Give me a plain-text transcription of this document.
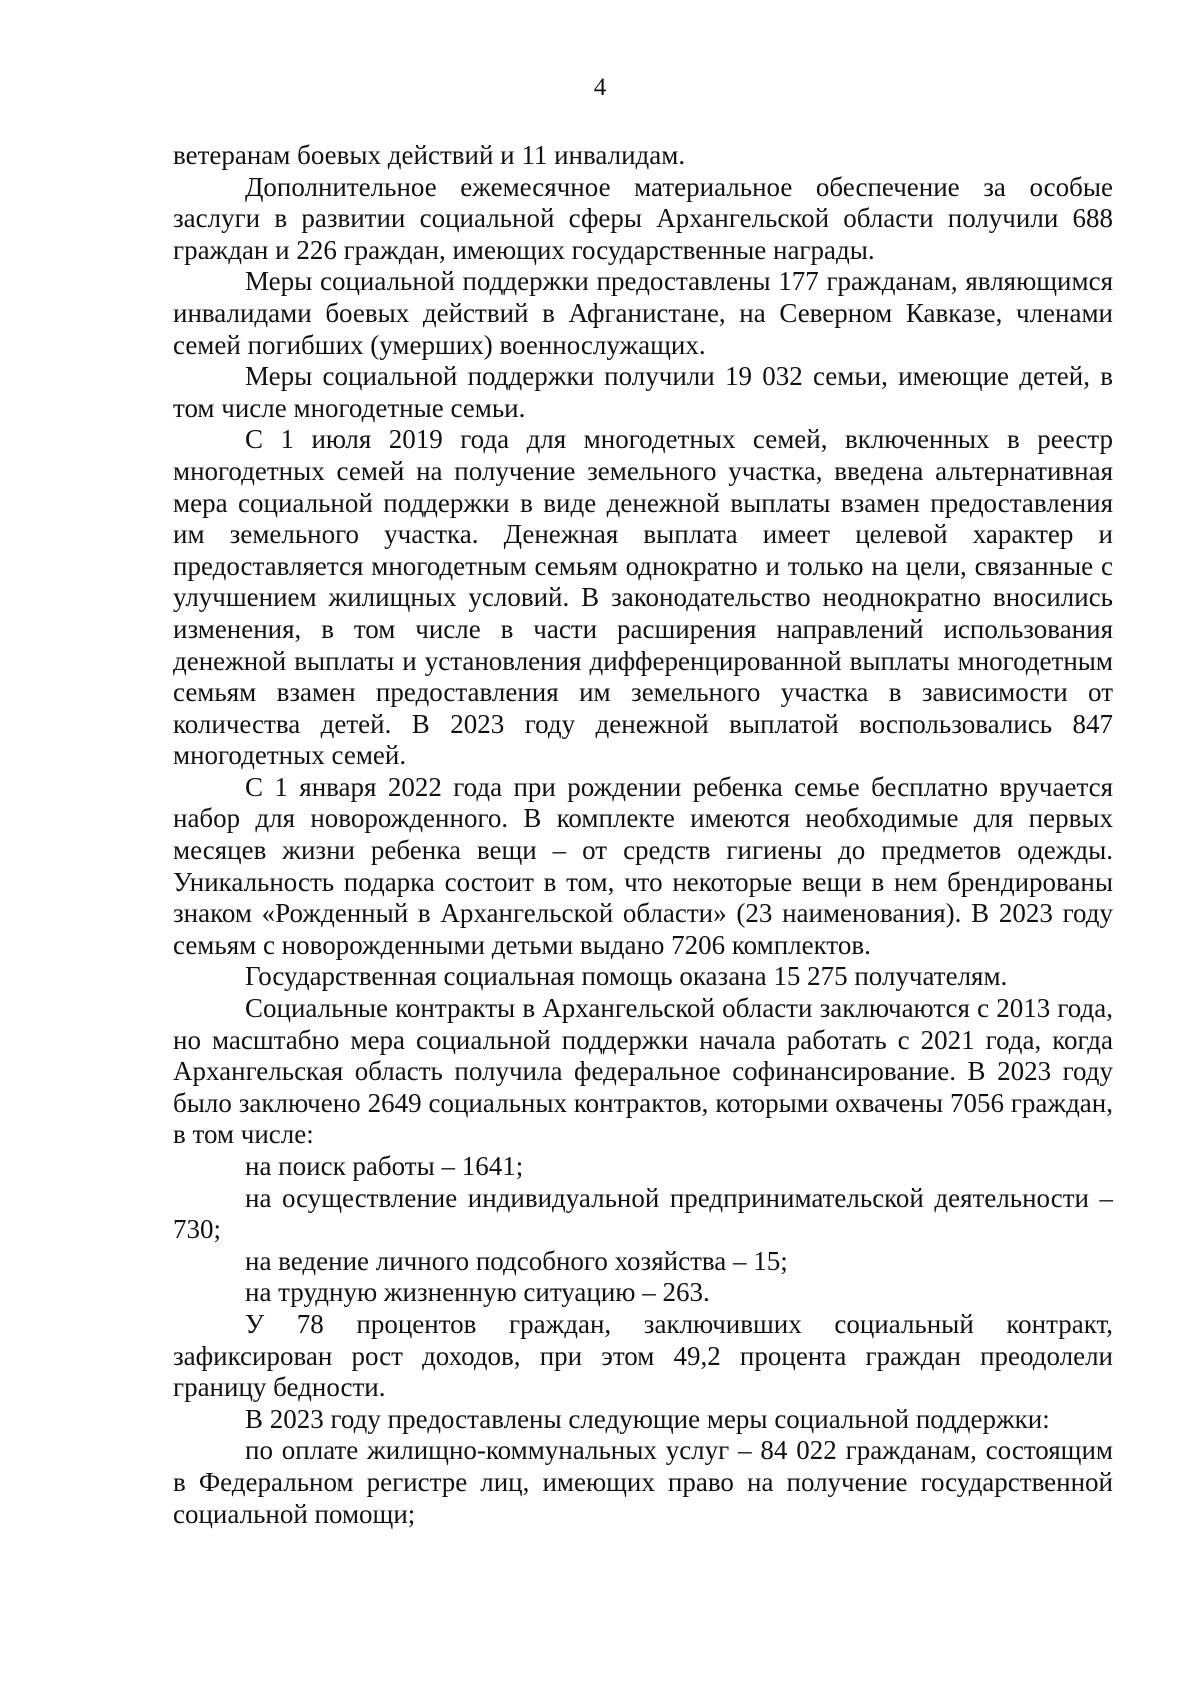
4

ветеранам боевых действий и 11 инвалидам.

Дополнительное ежемесячное материальное обеспечение за особые заслуги в развитии социальной сферы Архангельской области получили 688 граждан и 226 граждан, имеющих государственные награды.

Меры социальной поддержки предоставлены 177 гражданам, являющимся инвалидами боевых действий в Афганистане, на Северном Кавказе, членами семей погибших (умерших) военнослужащих.

Меры социальной поддержки получили 19 032 семьи, имеющие детей, в том числе многодетные семьи.

С 1 июля 2019 года для многодетных семей, включенных в реестр многодетных семей на получение земельного участка, введена альтернативная мера социальной поддержки в виде денежной выплаты взамен предоставления им земельного участка. Денежная выплата имеет целевой характер и предоставляется многодетным семьям однократно и только на цели, связанные с улучшением жилищных условий. В законодательство неоднократно вносились изменения, в том числе в части расширения направлений использования денежной выплаты и установления дифференцированной выплаты многодетным семьям взамен предоставления им земельного участка в зависимости от количества детей. В 2023 году денежной выплатой воспользовались 847 многодетных семей.

С 1 января 2022 года при рождении ребенка семье бесплатно вручается набор для новорожденного. В комплекте имеются необходимые для первых месяцев жизни ребенка вещи – от средств гигиены до предметов одежды. Уникальность подарка состоит в том, что некоторые вещи в нем брендированы знаком «Рожденный в Архангельской области» (23 наименования). В 2023 году семьям с новорожденными детьми выдано 7206 комплектов.

Государственная социальная помощь оказана 15 275 получателям.

Социальные контракты в Архангельской области заключаются с 2013 года, но масштабно мера социальной поддержки начала работать с 2021 года, когда Архангельская область получила федеральное софинансирование. В 2023 году было заключено 2649 социальных контрактов, которыми охвачены 7056 граждан, в том числе:

на поиск работы – 1641;

на осуществление индивидуальной предпринимательской деятельности – 730;

на ведение личного подсобного хозяйства – 15;

на трудную жизненную ситуацию – 263.

У 78 процентов граждан, заключивших социальный контракт, зафиксирован рост доходов, при этом 49,2 процента граждан преодолели границу бедности.

В 2023 году предоставлены следующие меры социальной поддержки:

по оплате жилищно-коммунальных услуг – 84 022 гражданам, состоящим в Федеральном регистре лиц, имеющих право на получение государственной социальной помощи;
